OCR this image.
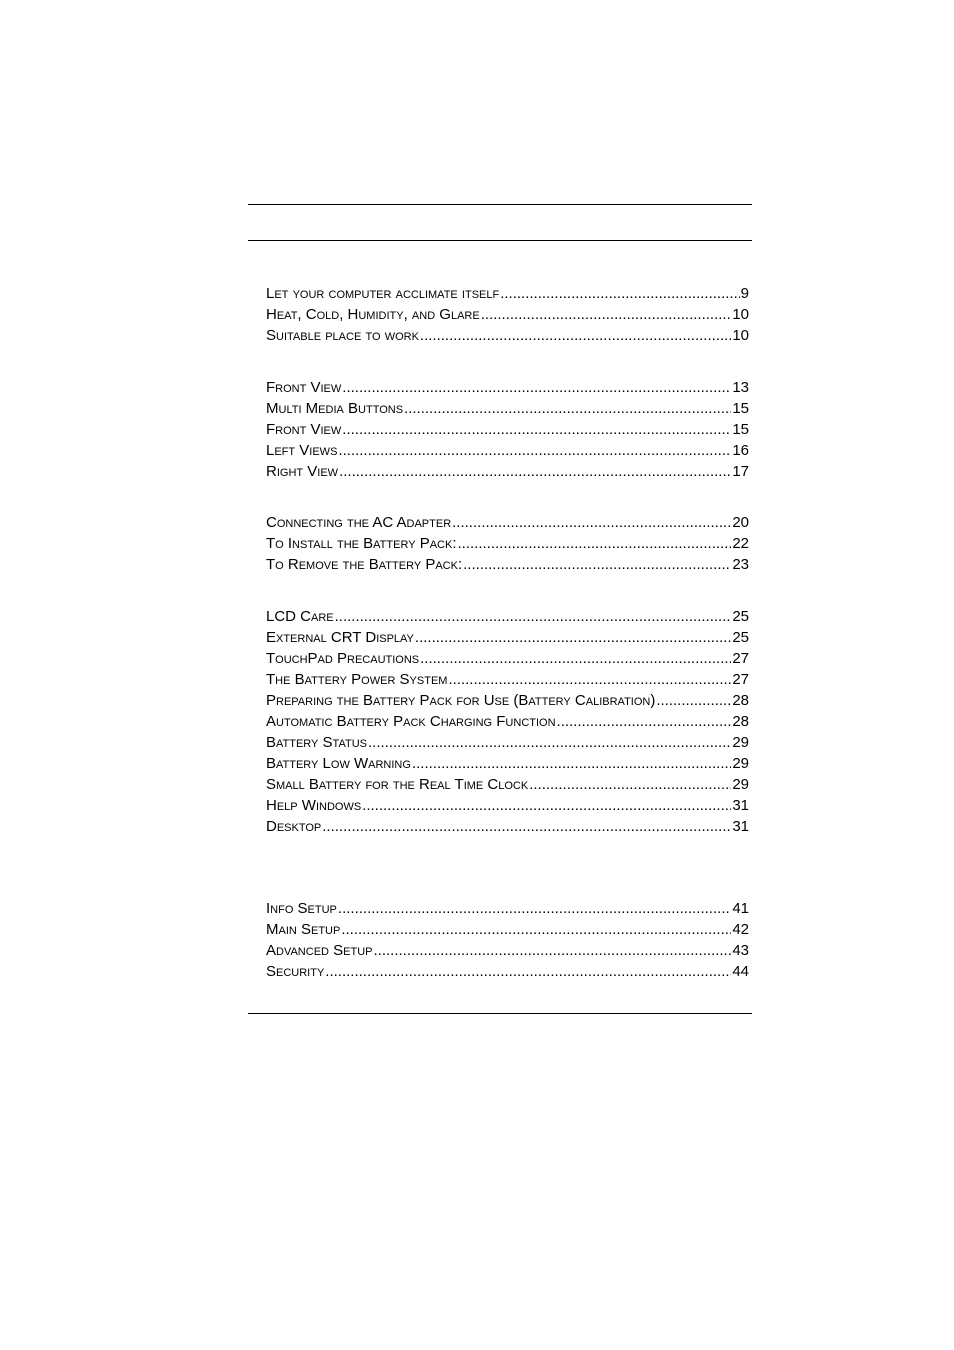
Let your computer acclimate itself .....	9
Heat, Cold, Humidity, and Glare .....	10
Suitable place to work .....	10
Front View .....	13
Multi Media Buttons .....	15
Front View .....	15
Left Views .....	16
Right View .....	17
Connecting the AC Adapter .....	20
To Install the Battery Pack: .....	22
To Remove the Battery Pack: .....	23
LCD Care .....	25
External CRT Display .....	25
TouchPad Precautions .....	27
The Battery Power System .....	27
Preparing the Battery Pack for Use (Battery Calibration) .....	28
Automatic Battery Pack Charging Function .....	28
Battery Status .....	29
Battery Low Warning .....	29
Small Battery for the Real Time Clock .....	29
Help Windows .....	31
Desktop .....	31
Info Setup .....	41
Main Setup .....	42
Advanced Setup .....	43
Security .....	44
